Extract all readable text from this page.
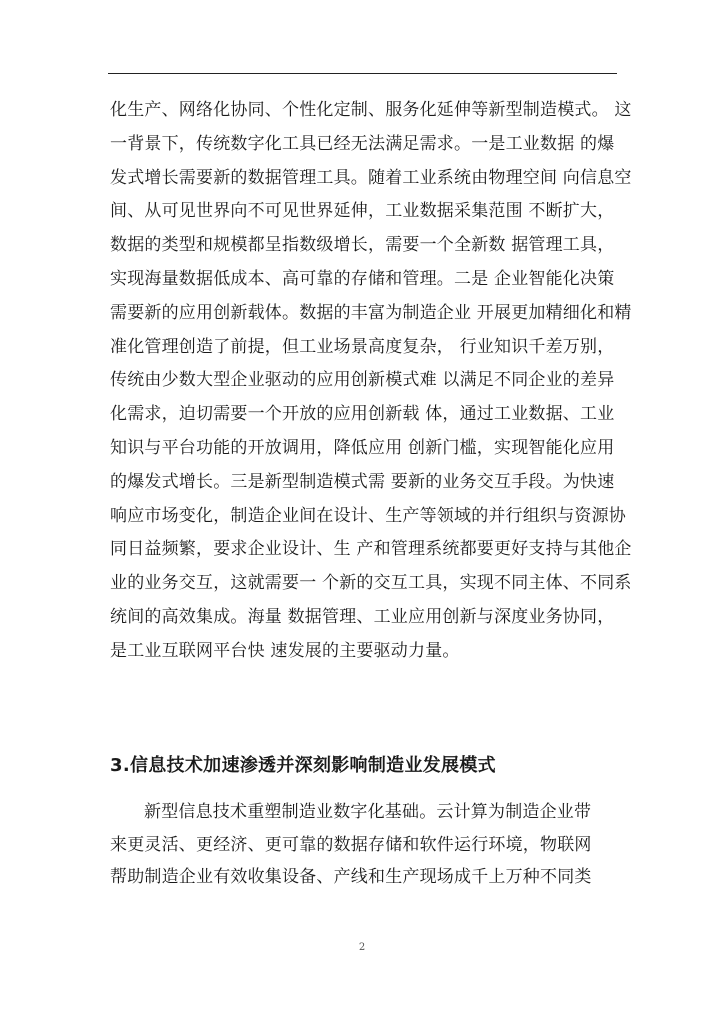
化生产、网络化协同、个性化定制、服务化延伸等新型制造模式。 这
一背景下，传统数字化工具已经无法满足需求。一是工业数据 的爆
发式增长需要新的数据管理工具。随着工业系统由物理空间 向信息空
间、从可见世界向不可见世界延伸，工业数据采集范围 不断扩大，
数据的类型和规模都呈指数级增长，需要一个全新数 据管理工具，
实现海量数据低成本、高可靠的存储和管理。二是 企业智能化决策
需要新的应用创新载体。数据的丰富为制造企业 开展更加精细化和精
准化管理创造了前提，但工业场景高度复杂， 行业知识千差万别，
传统由少数大型企业驱动的应用创新模式难 以满足不同企业的差异
化需求，迫切需要一个开放的应用创新载 体，通过工业数据、工业
知识与平台功能的开放调用，降低应用 创新门槛，实现智能化应用
的爆发式增长。三是新型制造模式需 要新的业务交互手段。为快速
响应市场变化，制造企业间在设计、生产等领域的并行组织与资源协
同日益频繁，要求企业设计、生 产和管理系统都要更好支持与其他企
业的业务交互，这就需要一 个新的交互工具，实现不同主体、不同系
统间的高效集成。海量 数据管理、工业应用创新与深度业务协同，
是工业互联网平台快 速发展的主要驱动力量。
3.信息技术加速渗透并深刻影响制造业发展模式
新型信息技术重塑制造业数字化基础。云计算为制造企业带
来更灵活、更经济、更可靠的数据存储和软件运行环境，物联网
帮助制造企业有效收集设备、产线和生产现场成千上万种不同类
2
